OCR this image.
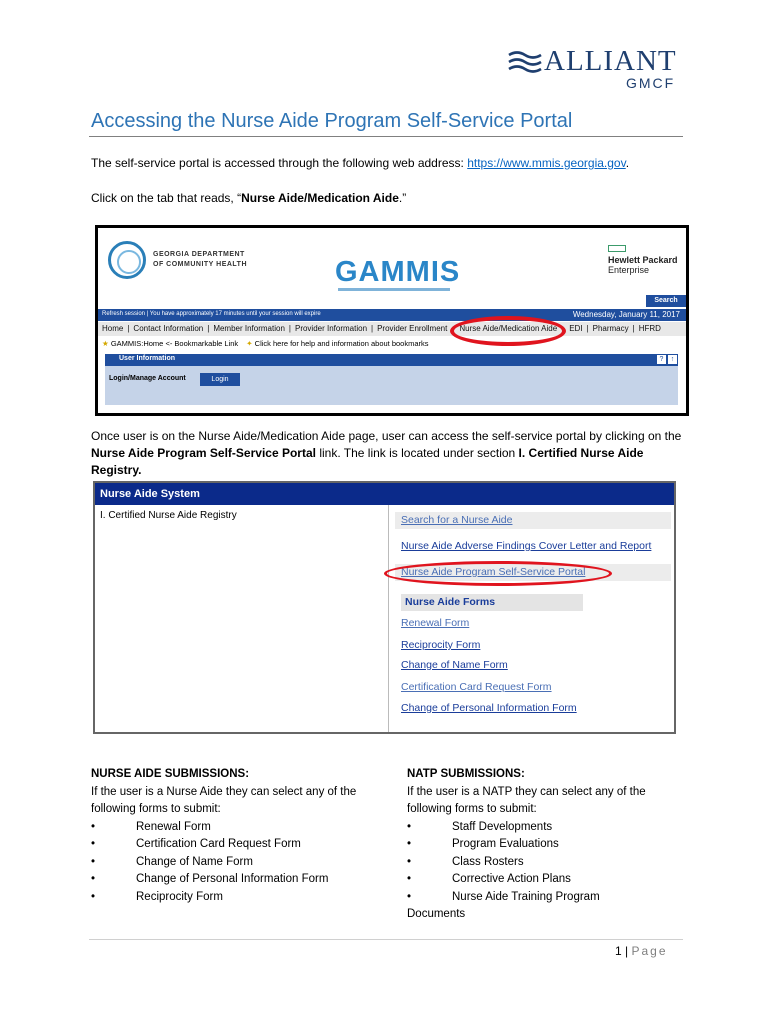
ALLIANT
GMCF
Accessing the Nurse Aide Program Self-Service Portal

The self-service portal is accessed through the following web address: https://www.mmis.georgia.gov.

Click on the tab that reads, “Nurse Aide/Medication Aide.”

GEORGIA DEPARTMENT
OF COMMUNITY HEALTH	GAMMIS	Hewlett Packard
Enterprise
Search
Refresh session | You have approximately 17 minutes until your session will expire	Wednesday, January 11, 2017
Home | Contact Information | Member Information | Provider Information | Provider Enrollment Nurse Aide/Medication Aide EDI | Pharmacy | HFRD
★ GAMMIS:Home <- Bookmarkable Link ✦ Click here for help and information about bookmarks
User Information	?	↑
Login/Manage Account	Login

Once user is on the Nurse Aide/Medication Aide page, user can access the self-service portal by clicking on the Nurse Aide Program Self-Service Portal link. The link is located under section I. Certified Nurse Aide Registry.

Nurse Aide System
I. Certified Nurse Aide Registry	Search for a Nurse Aide
Nurse Aide Adverse Findings Cover Letter and Report
Nurse Aide Program Self-Service Portal
Nurse Aide Forms
Renewal Form
Reciprocity Form
Change of Name Form
Certification Card Request Form
Change of Personal Information Form
NURSE AIDE SUBMISSIONS:
If the user is a Nurse Aide they can select any of the following forms to submit:
• Renewal Form
• Certification Card Request Form
• Change of Name Form
• Change of Personal Information Form
• Reciprocity Form
NATP SUBMISSIONS:
If the user is a NATP they can select any of the following forms to submit:
• Staff Developments
• Program Evaluations
• Class Rosters
• Corrective Action Plans
• Nurse Aide Training Program
Documents
1 | Page
